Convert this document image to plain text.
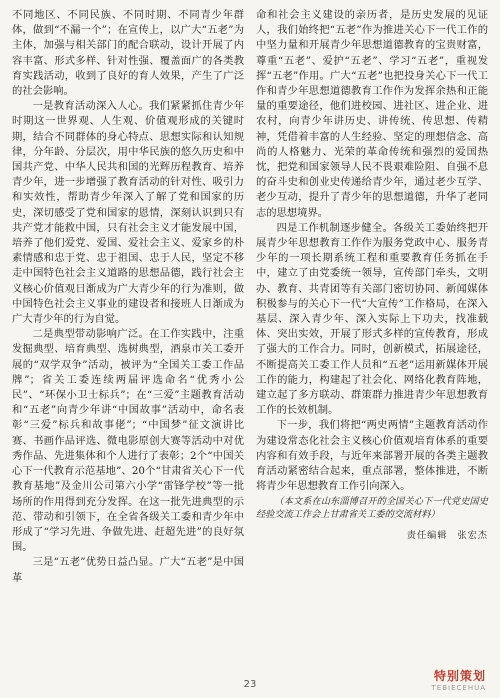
不同地区、不同民族、不同时期、不同青少年群体，做到“不漏一个”；在宣传上，以广大“五老”为主体，加强与相关部门的配合联动，设计开展了内容丰富、形式多样、针对性强、覆盖面广的各类教育实践活动，收到了良好的育人效果，产生了广泛的社会影响。

一是教育活动深入人心。我们紧紧抓住青少年时期这一世界观、人生观、价值观形成的关键时期，结合不同群体的身心特点、思想实际和认知规律，分年龄、分层次，用中华民族的悠久历史和中国共产党、中华人民共和国的光辉历程教育、培养青少年，进一步增强了教育活动的针对性、吸引力和实效性，帮助青少年深入了解了党和国家的历史，深切感受了党和国家的恩情，深刻认识到只有共产党才能救中国，只有社会主义才能发展中国，培养了他们爱党、爱国、爱社会主义、爱家乡的朴素情感和忠于党、忠于祖国、忠于人民，坚定不移走中国特色社会主义道路的思想品德，践行社会主义核心价值观日渐成为广大青少年的行为准则，做中国特色社会主义事业的建设者和接班人日渐成为广大青少年的行为自觉。

二是典型带动影响广泛。在工作实践中，注重发掘典型、培育典型、选树典型，酒泉市关工委开展的“双学双争”活动，被评为“全国关工委工作品牌”；省关工委连续两届评选命名“优秀小公民”、“环保小卫士标兵”；在“三爱”主题教育活动和“五老”向青少年讲“中国故事”活动中，命名表彰“三爱”标兵和故事佬”；“中国梦”征文演讲比赛、书画作品评选、微电影原创大赛等活动中对优秀作品、先进集体和个人进行了表彰；2个“中国关心下一代教育示范基地”、20个“甘肃省关心下一代教育基地”及金川公司第六小学“雷锋学校”等一批场所的作用得到充分发挥。在这一批先进典型的示范、带动和引领下，在全省各级关工委和青少年中形成了“学习先进、争做先进、赶超先进”的良好氛围。

三是“五老”优势日益凸显。广大“五老”是中国革

命和社会主义建设的亲历者，是历史发展的见证人，我们始终把“五老”作为推进关心下一代工作的中坚力量和开展青少年思想道德教育的宝贵财富，尊重“五老”、爱护“五老”、学习“五老”，重视发挥“五老”作用。广大“五老”也把投身关心下一代工作和青少年思想道德教育工作作为发挥余热和正能量的重要途径，他们进校园、进社区、进企业、进农村，向青少年讲历史、讲传统、传思想、传精神，凭借着丰富的人生经验、坚定的理想信念、高尚的人格魅力、光荣的革命传统和强烈的爱国热忱，把党和国家领导人民不畏艰难险阻、自强不息的奋斗史和创业史传递给青少年，通过老少互学、老少互动，提升了青少年的思想道德，升华了老同志的思想境界。

四是工作机制逐步健全。各级关工委始终把开展青少年思想教育工作作为服务党政中心、服务青少年的一项长期系统工程和重要教育任务抓在手中，建立了由党委统一领导，宣传部门牵头，文明办、教育、共青团等有关部门密切协同、新闻媒体积极参与的关心下一代“大宣传”工作格局，在深入基层、深入青少年、深入实际上下功夫，找准载体、突出实效，开展了形式多样的宣传教育，形成了强大的工作合力。同时，创新模式，拓展途径，不断提高关工委工作人员和“五老”运用新媒体开展工作的能力，构建起了社会化、网络化教育阵地，建立起了多方联动、群策群力推进青少年思想教育工作的长效机制。

下一步，我们将把“两史两情”主题教育活动作为建设常态化社会主义核心价值观培育体系的重要内容和有效手段，与近年来部署开展的各类主题教育活动紧密结合起来，重点部署，整体推进，不断将青少年思想教育工作引向深入。

（本文系在山东淄博召开的全国关心下一代党史国史经验交流工作会上甘肃省关工委的交流材料）

责任编辑 张宏杰
23
特别策划
TEBIECEHUA
